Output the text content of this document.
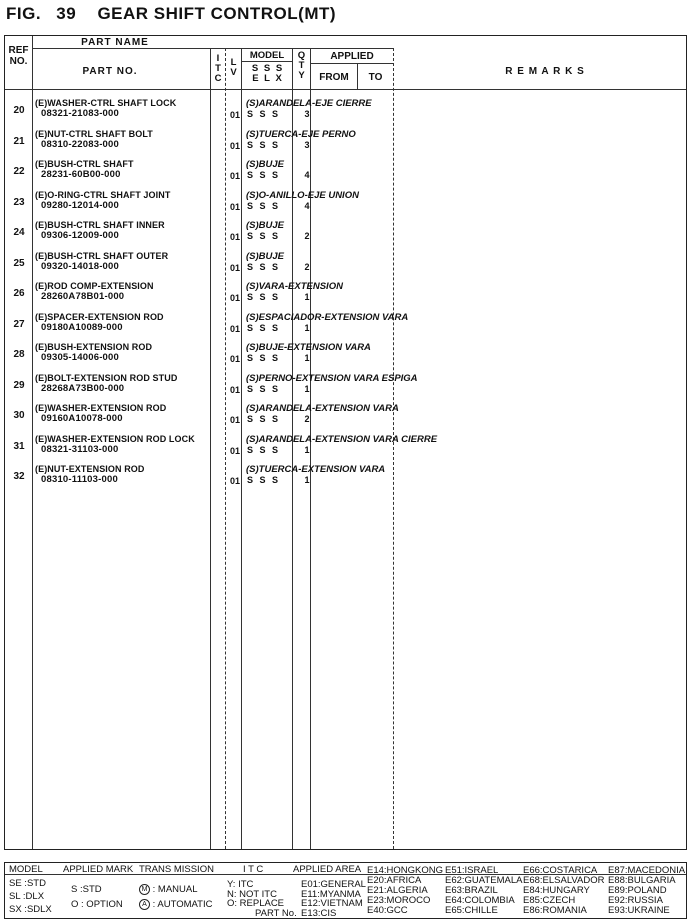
FIG. 39 GEAR SHIFT CONTROL(MT)
REF
NO.
PART NAME
PART NO.
I
T
C
L
V
MODEL
S S S
E L X
Q
T
Y
APPLIED
FROM	TO
R E M A R K S
20
(E)WASHER-CTRL SHAFT LOCK
08321-21083-000	01 S S S	3
(S)ARANDELA-EJE CIERRE
21
(E)NUT-CTRL SHAFT BOLT
08310-22083-000	01 S S S	3
(S)TUERCA-EJE PERNO
22
(E)BUSH-CTRL SHAFT
28231-60B00-000	01 S S S	4
(S)BUJE
23
(E)O-RING-CTRL SHAFT JOINT
09280-12014-000	01 S S S	4
(S)O-ANILLO-EJE UNION
24
(E)BUSH-CTRL SHAFT INNER
09306-12009-000	01 S S S	2
(S)BUJE
25
(E)BUSH-CTRL SHAFT OUTER
09320-14018-000	01 S S S	2
(S)BUJE
26
(E)ROD COMP-EXTENSION
28260A78B01-000	01 S S S	1
(S)VARA-EXTENSION
27
(E)SPACER-EXTENSION ROD
09180A10089-000	01 S S S	1
(S)ESPACIADOR-EXTENSION VARA
28
(E)BUSH-EXTENSION ROD
09305-14006-000	01 S S S	1
(S)BUJE-EXTENSION VARA
29
(E)BOLT-EXTENSION ROD STUD
28268A73B00-000	01 S S S	1
(S)PERNO-EXTENSION VARA ESPIGA
30
(E)WASHER-EXTENSION ROD
09160A10078-000	01 S S S	2
(S)ARANDELA-EXTENSION VARA
31
(E)WASHER-EXTENSION ROD LOCK
08321-31103-000	01 S S S	1
(S)ARANDELA-EXTENSION VARA CIERRE
32
(E)NUT-EXTENSION ROD
08310-11103-000	01 S S S	1
(S)TUERCA-EXTENSION VARA
MODEL APPLIED MARK TRANS MISSION	I T C	APPLIED AREA
SE :STD
SL :DLX
SX :SDLX
S :STD
O : OPTION
M : MANUAL
A : AUTOMATIC
Y: ITC
N: NOT ITC
O: REPLACE
PART No.
E01:GENERAL
E11:MYANMA
E12:VIETNAM
E13:CIS
E14:HONGKONG
E20:AFRICA
E21:ALGERIA
E23:MOROCO
E40:GCC
E51:ISRAEL
E62:GUATEMALA
E63:BRAZIL
E64:COLOMBIA
E65:CHILLE
E66:COSTARICA
E68:ELSALVADOR
E84:HUNGARY
E85:CZECH
E86:ROMANIA
E87:MACEDONIA
E88:BULGARIA
E89:POLAND
E92:RUSSIA
E93:UKRAINE
